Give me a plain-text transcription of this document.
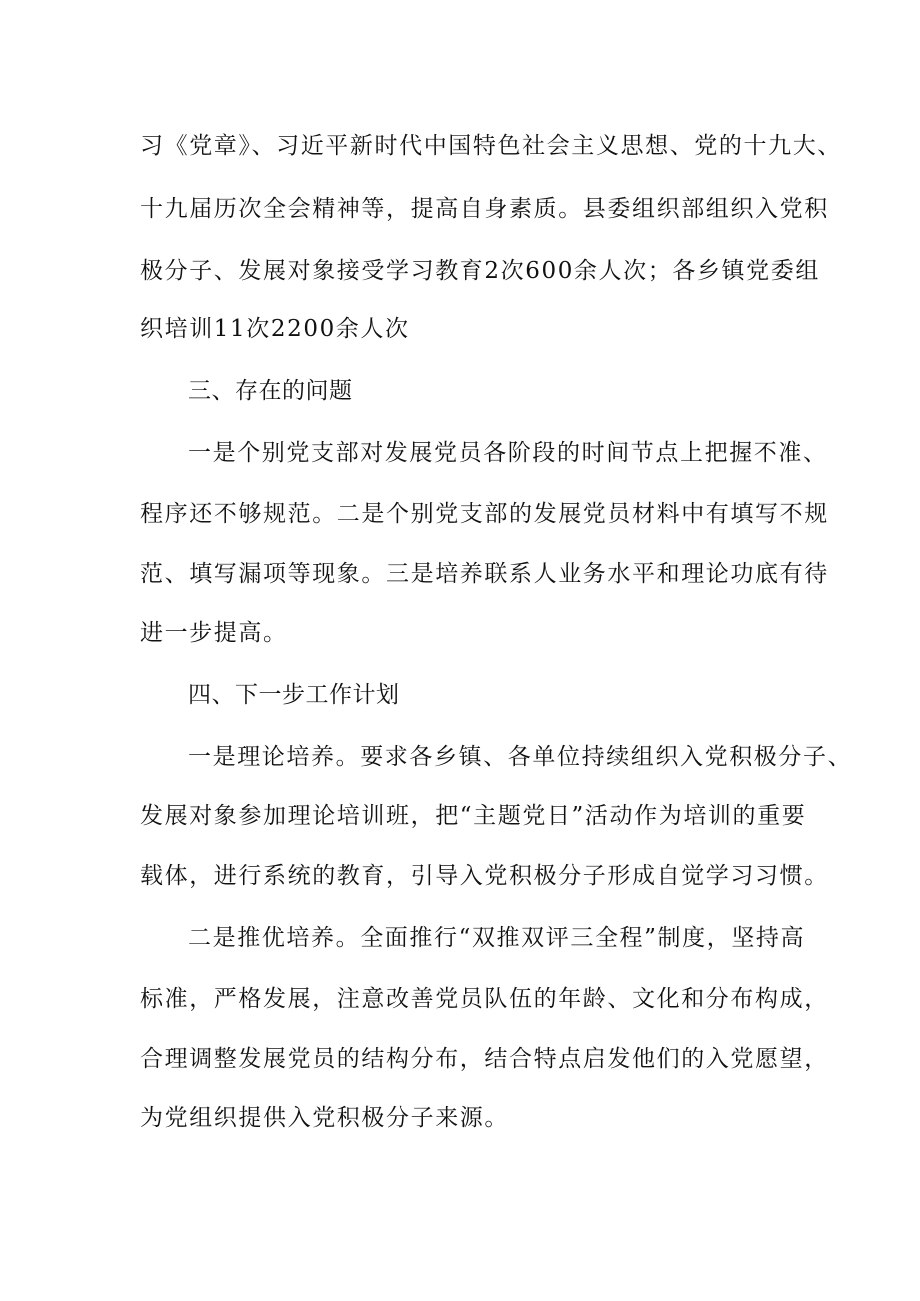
习《党章》、习近平新时代中国特色社会主义思想、党的十九大、
十九届历次全会精神等，提高自身素质。县委组织部组织入党积
极分子、发展对象接受学习教育2次600余人次；各乡镇党委组
织培训11次2200余人次
三、存在的问题
一是个别党支部对发展党员各阶段的时间节点上把握不准、
程序还不够规范。二是个别党支部的发展党员材料中有填写不规
范、填写漏项等现象。三是培养联系人业务水平和理论功底有待
进一步提高。
四、下一步工作计划
一是理论培养。要求各乡镇、各单位持续组织入党积极分子、
发展对象参加理论培训班，把“主题党日”活动作为培训的重要
载体，进行系统的教育，引导入党积极分子形成自觉学习习惯。
二是推优培养。全面推行“双推双评三全程”制度，坚持高
标准，严格发展，注意改善党员队伍的年龄、文化和分布构成，
合理调整发展党员的结构分布，结合特点启发他们的入党愿望，
为党组织提供入党积极分子来源。
